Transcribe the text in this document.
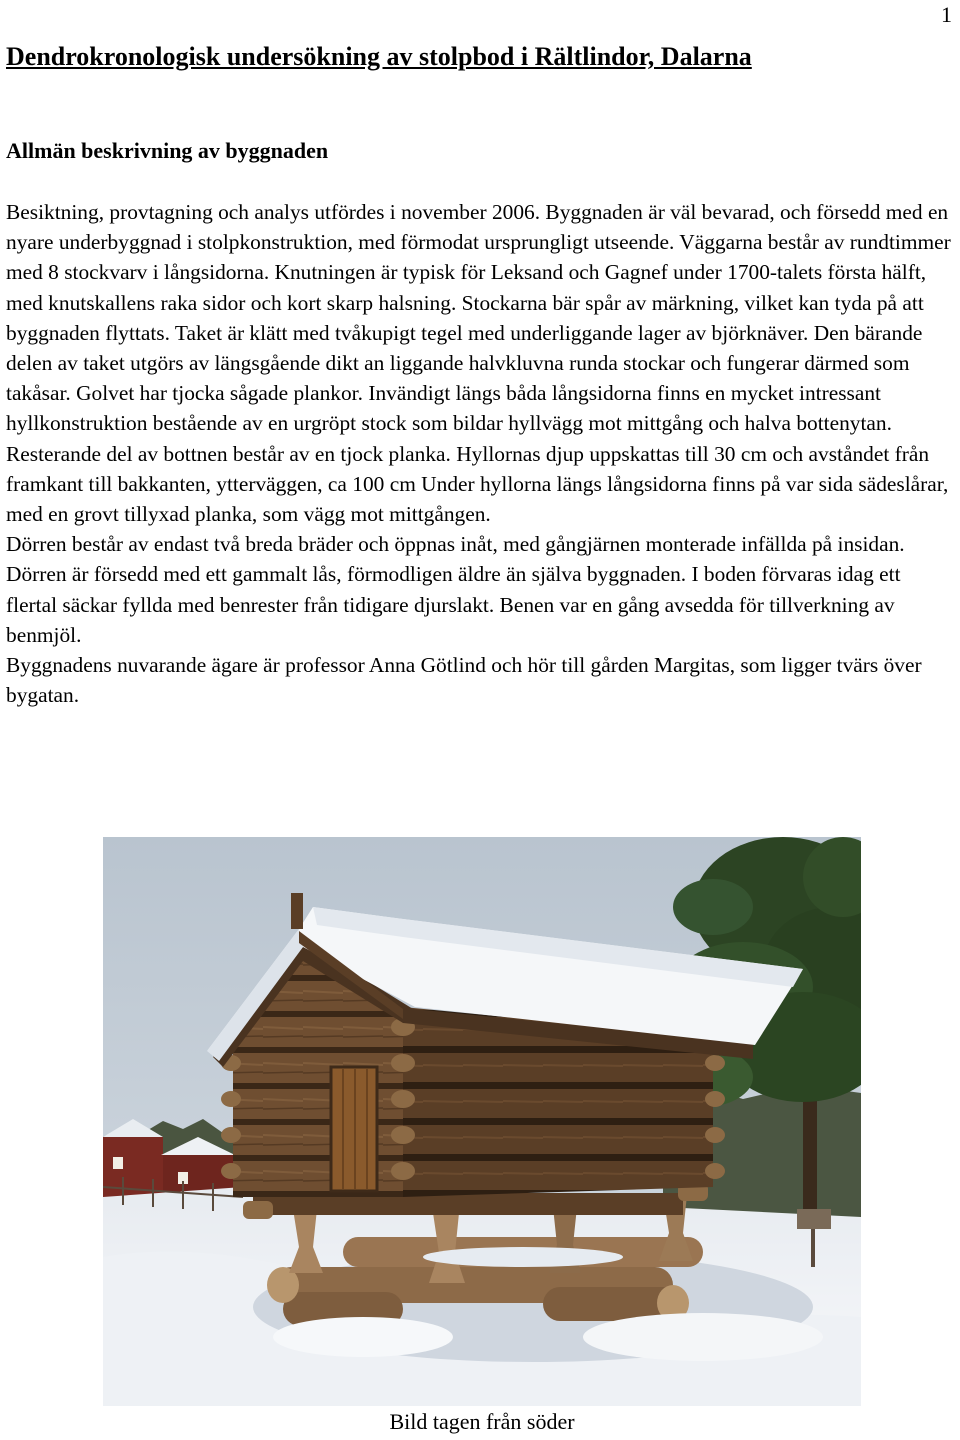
1
Dendrokronologisk undersökning av stolpbod i Rältlindor, Dalarna
Allmän beskrivning av byggnaden

Besiktning, provtagning och analys utfördes i november 2006. Byggnaden är väl bevarad, och försedd med en nyare underbyggnad i stolpkonstruktion, med förmodat ursprungligt utseende. Väggarna består av rundtimmer med 8 stockvarv i långsidorna. Knutningen är typisk för Leksand och Gagnef under 1700-talets första hälft, med knutskallens raka sidor och kort skarp halsning. Stockarna bär spår av märkning, vilket kan tyda på att byggnaden flyttats. Taket är klätt med tvåkupigt tegel med underliggande lager av björknäver. Den bärande delen av taket utgörs av längsgående dikt an liggande halvkluvna runda stockar och fungerar därmed som takåsar. Golvet har tjocka sågade plankor. Invändigt längs båda långsidorna finns en mycket intressant hyllkonstruktion bestående av en urgröpt stock som bildar hyllvägg mot mittgång och halva bottenytan. Resterande del av bottnen består av en tjock planka. Hyllornas djup uppskattas till 30 cm och avståndet från framkant till bakkanten, ytterväggen, ca 100 cm Under hyllorna längs långsidorna finns på var sida sädeslårar, med en grovt tillyxad planka, som vägg mot mittgången.

Dörren består av endast två breda bräder och öppnas inåt, med gångjärnen monterade infällda på insidan. Dörren är försedd med ett gammalt lås, förmodligen äldre än själva byggnaden. I boden förvaras idag ett flertal säckar fyllda med benrester från tidigare djurslakt. Benen var en gång avsedda för tillverkning av benmjöl.

Byggnadens nuvarande ägare är professor Anna Götlind och hör till gården Margitas, som ligger tvärs över bygatan.

Bild tagen från söder
